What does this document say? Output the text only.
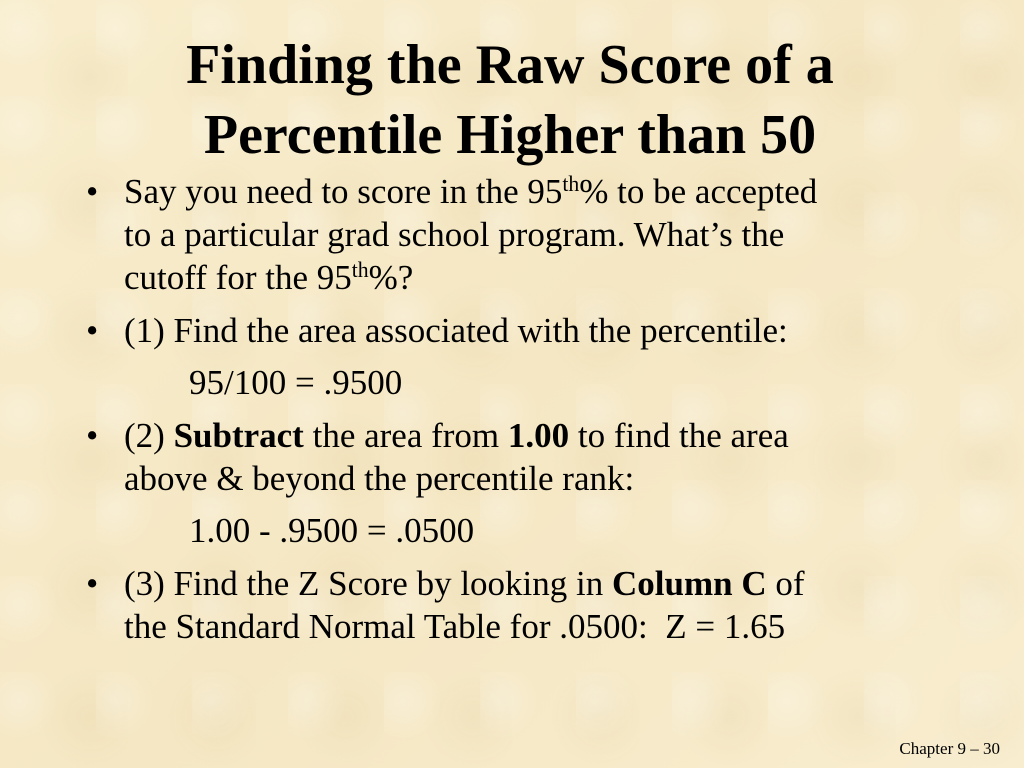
Finding the Raw Score of a
Percentile Higher than 50
• Say you need to score in the 95th% to be accepted
to a particular grad school program. What’s the
cutoff for the 95th%?
• (1) Find the area associated with the percentile:
95/100 = .9500
• (2) Subtract the area from 1.00 to find the area
above & beyond the percentile rank:
1.00 - .9500 = .0500
• (3) Find the Z Score by looking in Column C of
the Standard Normal Table for .0500:  Z = 1.65
Chapter 9 – 30
